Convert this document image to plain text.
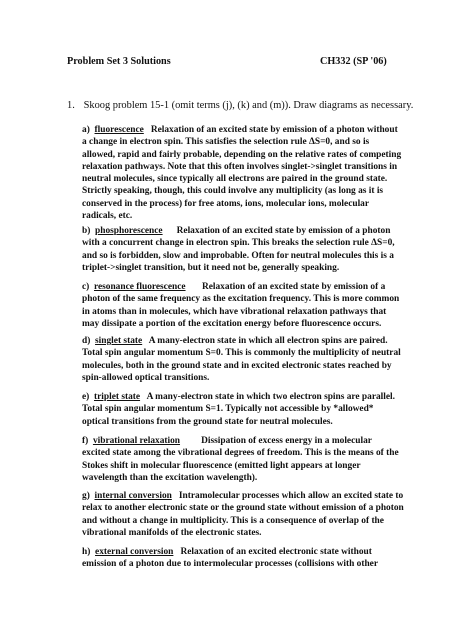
Problem Set 3 Solutions	CH332 (SP '06)
1. Skoog problem 15-1 (omit terms (j), (k) and (m)). Draw diagrams as necessary.

a) fluorescence Relaxation of an excited state by emission of a photon without

a change in electron spin. This satisfies the selection rule ΔS=0, and so is

allowed, rapid and fairly probable, depending on the relative rates of competing

relaxation pathways. Note that this often involves singlet->singlet transitions in

neutral molecules, since typically all electrons are paired in the ground state.

Strictly speaking, though, this could involve any multiplicity (as long as it is

conserved in the process) for free atoms, ions, molecular ions, molecular

radicals, etc.

b) phosphorescence Relaxation of an excited state by emission of a photon

with a concurrent change in electron spin. This breaks the selection rule ΔS=0,

and so is forbidden, slow and improbable. Often for neutral molecules this is a

triplet->singlet transition, but it need not be, generally speaking.

c) resonance fluorescence Relaxation of an excited state by emission of a

photon of the same frequency as the excitation frequency. This is more common

in atoms than in molecules, which have vibrational relaxation pathways that

may dissipate a portion of the excitation energy before fluorescence occurs.

d) singlet state A many-electron state in which all electron spins are paired.

Total spin angular momentum S=0. This is commonly the multiplicity of neutral

molecules, both in the ground state and in excited electronic states reached by

spin-allowed optical transitions.

e) triplet state A many-electron state in which two electron spins are parallel.

Total spin angular momentum S=1. Typically not accessible by *allowed*

optical transitions from the ground state for neutral molecules.

f) vibrational relaxation Dissipation of excess energy in a molecular

excited state among the vibrational degrees of freedom. This is the means of the

Stokes shift in molecular fluorescence (emitted light appears at longer

wavelength than the excitation wavelength).

g) internal conversion Intramolecular processes which allow an excited state to

relax to another electronic state or the ground state without emission of a photon

and without a change in multiplicity. This is a consequence of overlap of the

vibrational manifolds of the electronic states.

h) external conversion Relaxation of an excited electronic state without

emission of a photon due to intermolecular processes (collisions with other
